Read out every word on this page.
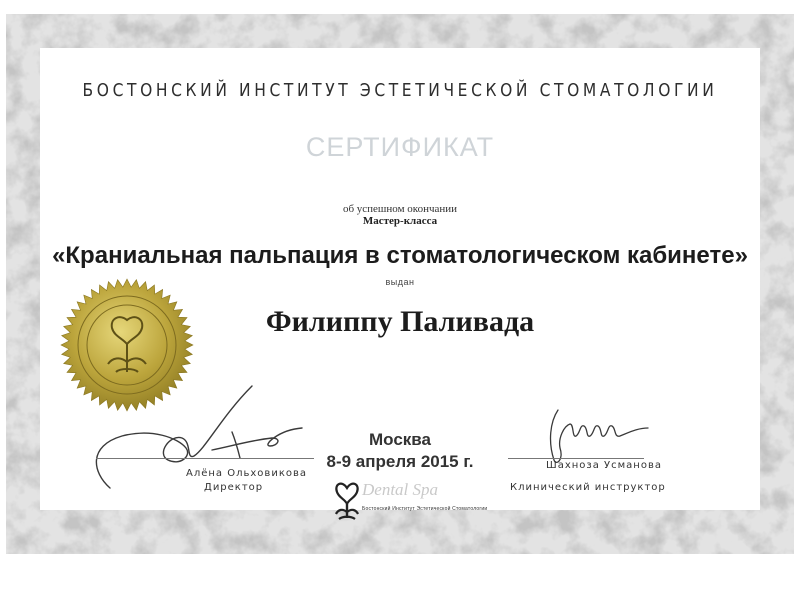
БОСТОНСКИЙ ИНСТИТУТ ЭСТЕТИЧЕСКОЙ СТОМАТОЛОГИИ
СЕРТИФИКАТ
об успешном окончании
Мастер-класса
«Краниальная пальпация в стоматологическом кабинете»
выдан
Филиппу Паливада
Алёна Ольховикова
Директор
Москва
8-9 апреля 2015 г.	Шахноза Усманова
Клинический инструктор
Dental Spa
Бостонский Институт Эстетической Стоматологии
